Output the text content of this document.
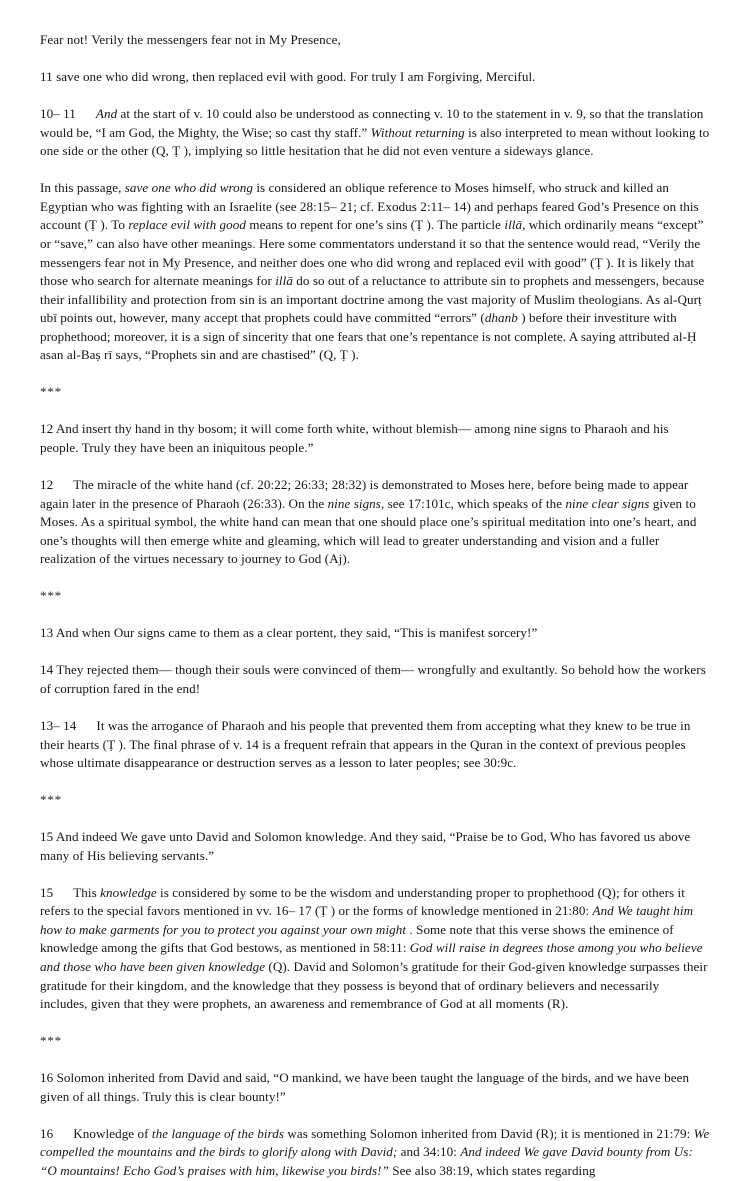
Fear not! Verily the messengers fear not in My Presence,

11 save one who did wrong, then replaced evil with good. For truly I am Forgiving, Merciful.

10– 11 And at the start of v. 10 could also be understood as connecting v. 10 to the statement in v. 9, so that the translation would be, “I am God, the Mighty, the Wise; so cast thy staff.” Without returning is also interpreted to mean without looking to one side or the other (Q, Ṭ ), implying so little hesitation that he did not even venture a sideways glance.

In this passage, save one who did wrong is considered an oblique reference to Moses himself, who struck and killed an Egyptian who was fighting with an Israelite (see 28:15– 21; cf. Exodus 2:11– 14) and perhaps feared God’s Presence on this account (Ṭ ). To replace evil with good means to repent for one’s sins (Ṭ ). The particle illā, which ordinarily means “except” or “save,” can also have other meanings. Here some commentators understand it so that the sentence would read, “Verily the messengers fear not in My Presence, and neither does one who did wrong and replaced evil with good” (Ṭ ). It is likely that those who search for alternate meanings for illā do so out of a reluctance to attribute sin to prophets and messengers, because their infallibility and protection from sin is an important doctrine among the vast majority of Muslim theologians. As al-Qurṭ ubī points out, however, many accept that prophets could have committed “errors” (dhanb ) before their investiture with prophethood; moreover, it is a sign of sincerity that one fears that one’s repentance is not complete. A saying attributed al-Ḥ asan al-Baṣ rī says, “Prophets sin and are chastised” (Q, Ṭ ).

***

12 And insert thy hand in thy bosom; it will come forth white, without blemish— among nine signs to Pharaoh and his people. Truly they have been an iniquitous people.”

12 The miracle of the white hand (cf. 20:22; 26:33; 28:32) is demonstrated to Moses here, before being made to appear again later in the presence of Pharaoh (26:33). On the nine signs, see 17:101c, which speaks of the nine clear signs given to Moses. As a spiritual symbol, the white hand can mean that one should place one’s spiritual meditation into one’s heart, and one’s thoughts will then emerge white and gleaming, which will lead to greater understanding and vision and a fuller realization of the virtues necessary to journey to God (Aj).

***

13 And when Our signs came to them as a clear portent, they said, “This is manifest sorcery!”

14 They rejected them— though their souls were convinced of them— wrongfully and exultantly. So behold how the workers of corruption fared in the end!

13– 14 It was the arrogance of Pharaoh and his people that prevented them from accepting what they knew to be true in their hearts (Ṭ ). The final phrase of v. 14 is a frequent refrain that appears in the Quran in the context of previous peoples whose ultimate disappearance or destruction serves as a lesson to later peoples; see 30:9c.

***

15 And indeed We gave unto David and Solomon knowledge. And they said, “Praise be to God, Who has favored us above many of His believing servants.”

15 This knowledge is considered by some to be the wisdom and understanding proper to prophethood (Q); for others it refers to the special favors mentioned in vv. 16– 17 (Ṭ ) or the forms of knowledge mentioned in 21:80: And We taught him how to make garments for you to protect you against your own might . Some note that this verse shows the eminence of knowledge among the gifts that God bestows, as mentioned in 58:11: God will raise in degrees those among you who believe and those who have been given knowledge (Q). David and Solomon’s gratitude for their God-given knowledge surpasses their gratitude for their kingdom, and the knowledge that they possess is beyond that of ordinary believers and necessarily includes, given that they were prophets, an awareness and remembrance of God at all moments (R).

***

16 Solomon inherited from David and said, “O mankind, we have been taught the language of the birds, and we have been given of all things. Truly this is clear bounty!”

16 Knowledge of the language of the birds was something Solomon inherited from David (R); it is mentioned in 21:79: We compelled the mountains and the birds to glorify along with David; and 34:10: And indeed We gave David bounty from Us: “O mountains! Echo God’s praises with him, likewise you birds!” See also 38:19, which states regarding
